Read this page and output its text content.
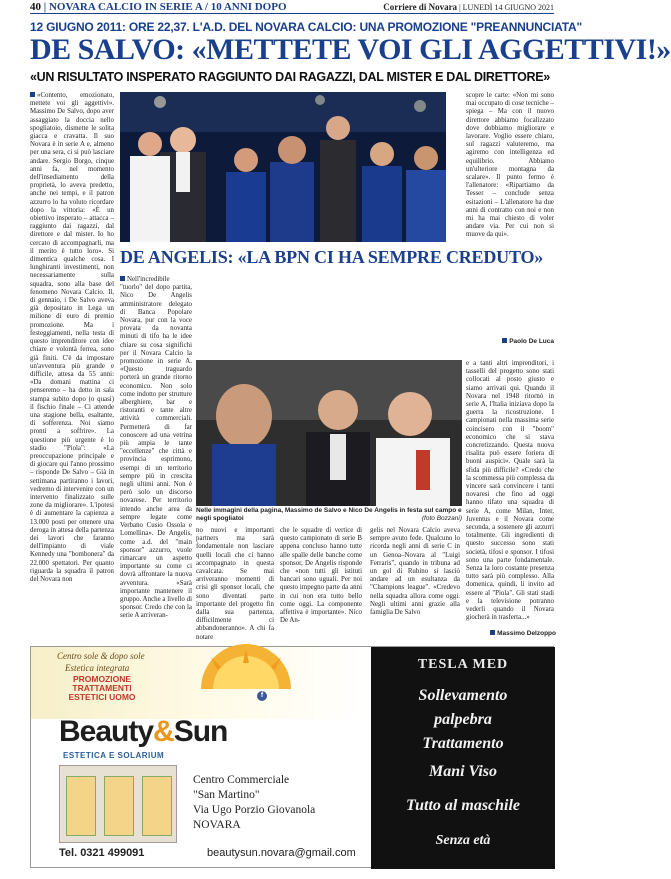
40 | NOVARA CALCIO IN SERIE A / 10 ANNI DOPO	Corriere di Novara | LUNEDÌ 14 GIUGNO 2021
12 GIUGNO 2011: ORE 22,37. L'A.D. DEL NOVARA CALCIO: UNA PROMOZIONE "PREANNUNCIATA"
DE SALVO: «METTETE VOI GLI AGGETTIVI!»
«UN RISULTATO INSPERATO RAGGIUNTO DAI RAGAZZI, DAL MISTER E DAL DIRETTORE»
«Contento, emozionato, mettete voi gli aggettivi». Massimo De Salvo, dopo aver assaggiato la doccia nello spogliatoio, dismette le solita giacca e cravatta. Il suo Novara è in serie A e, almeno per una sera, ci si può lasciare andare. Sergio Borgo, cinque anni fa, nel momento dell'insediamento della proprietà, lo aveva predetto, anche nei tempi, e il patron azzurro lo ha voluto ricordare dopo la vittoria: «È un obiettivo insperato – attacca – raggiunto dai ragazzi, dal direttore e dal mister. Io ho cercato di accompagnarli, ma il merito è tutto loro». Si dimentica qualche cosa. I lunghiranti investimenti, non necessariamente sulla squadra, sono alla base del fenomeno Novara Calcio. Il, di gennaio, i De Salvo aveva già depositato in Lega un milione di euro di premio promozione. Ma i festeggiamenti, nella testa di questo imprenditore con idee chiare e volontà ferrea, sono già finiti. C'è da impostare un'avventura più grande e difficile, attesa da 55 anni: «Da domani mattina ci penseremo – ha detto in sala stampa subito dopo (o quasi) il fischio finale – Ci attende una stagione bella, esaltante, di sofferenza. Noi siamo pronti a soffrire». La questione più urgente è lo stadio "Piola": «La preoccupazione principale e di giocare qui l'anno prossimo – risponde De Salvo – Già in settimana partiranno i lavori, vedremo di intervenire con un intervento finalizzato sulle zone da migliorare». L'ipotesi è di aumentare la capienza a 13.000 posti per ottenere una deroga in attesa della partenza dei lavori che faranno dell'impianto di viale Kennedy una "bombonera" da 22.000 spettatori. Per quanto riguarda la squadra il patron del Novara non
scopre le carte: «Non mi sono mai occupato di cose tecniche – spiega – Ma con il nuovo direttore abbiamo focalizzato dove dobbiamo migliorare e lavorare. Voglio essere chiaro, sul ragazzi valuteremo, ma agiremo con intelligenza ed equilibrio. Abbiamo un'ulteriore montagna da scalare». Il punto fermo è l'allenatore: «Ripartiamo da Tesser – conclude senza esitazioni – L'allenatore ha due anni di contratto con noi e non mi ha mai chiesto di voler andare via. Per cui non si muove da qui».
Paolo De Luca
DE ANGELIS: «LA BPN CI HA SEMPRE CREDUTO»
Nell'incredibile "tuorlo" del dopo partita, Nico De Angelis amministratore delegato di Banca Popolare Novara, pur con la voce provata da novanta minuti di tifo ha le idee chiare su cosa significhi per il Novara Calcio la promozione in serie A. «Questo traguardo porterà un grande ritorno economico. Non solo come indotto per strutture alberghiere, bar e ristoranti e tante altre attività commerciali. Permetterà di far conoscere ad una vetrina più ampia le tante "eccellenze" che città e provincia esprimono, esempi di un territorio sempre più in crescita negli ultimi anni. Non è però solo un discorso novarese. Per territorio intendo anche area da sempre legate come Verbano Cusio Ossola e Lomellina». De Angelis, come a.d. del "main sponsor" azzurro, vuole rimarcare un aspetto importante su come ci dovrà affrontare la nuova avventura. «Sarà importante mantenere il gruppo. Anche a livello di sponsor. Credo che con la serie A arriveran-
Nelle immagini della pagina, Massimo de Salvo e Nico De Angelis in festa sul campo e negli spogliatoi	(foto Bozzani)
no nuovi e importanti partners ma sarà fondamentale non lasciare quelli locali che ci hanno accompagnato in questa cavalcata. Se mai arriveranno momenti di crisi gli sponsor locali, che sono diventati parte importante del progetto fin dalla sua partenza, difficilmente ci abbandoneranno». A chi fa notare
che le squadre di vertice di questo campionato di serie B appena concluso hanno tutte alle spalle delle banche come sponsor, De Angelis risponde che «non tutti gli istituti bancari sono uguali. Per noi questo impegno parte da anni in cui non era tutto bello come oggi. La componente affettiva è importante». Nico De An-
gelis nel Novara Calcio aveva sempre avuto fede. Qualcuno lo ricorda negli anni di serie C in un Genoa–Novara al "Luigi Ferraris", quando in tribuna ad un gol di Rubino si lasciò andare ad un esultanza da "Champions league". «Credevo nella squadra allora come oggi. Negli ultimi anni grazie alla famiglia De Salvo
e a tanti altri imprenditori, i tasselli del progetto sono stati collocati al posto giusto e siamo arrivati qui. Quando il Novara nel 1948 ritornò in serie A, l'Italia iniziava dopo la guerra la ricostruzione. I campionati nella massima serie coincisero con il "boom" economico che si stava concretizzando. Questa nuova risalita può essere foriera di buoni auspici». Quale sarà la sfida più difficile? «Credo che la scommessa più complessa da vincere sarà convincere i tanti novaresi che fino ad oggi hanno tifato una squadra di serie A, come Milan, Inter, Juventus e il Novara come seconda, a sostenere gli azzurri totalmente. Gli ingredienti di questo successo sono stati società, tifosi e sponsor. I tifosi sono una parte fondamentale. Senza la loro costante presenza tutto sarà più complesso. Alla domenica, quindi, li invito ad essere al "Piola". Gli stati stadi e la televisione potranno vederli quando il Novara giocherà in trasferta...»
Massimo Delzoppo
Centro sole & dopo sole
Estetica integrata
PROMOZIONE
TRATTAMENTI
ESTETICI UOMO	f
Beauty&Sun
ESTETICA E SOLARIUM
Centro Commerciale
"San Martino"
Via Ugo Porzio Giovanola
NOVARA
Tel. 0321 499091	beautysun.novara@gmail.com
TESLA MED
Sollevamento
palpebra
Trattamento
Mani Viso
Tutto al maschile
Senza età
